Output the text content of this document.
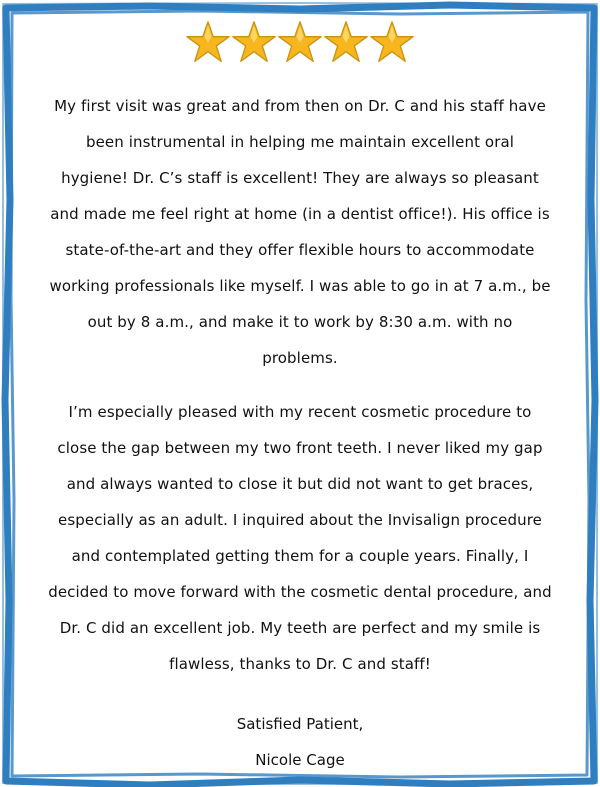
My first visit was great and from then on Dr. C and his staff have
been instrumental in helping me maintain excellent oral
hygiene! Dr. C’s staff is excellent! They are always so pleasant
and made me feel right at home (in a dentist office!). His office is
state-of-the-art and they offer flexible hours to accommodate
working professionals like myself. I was able to go in at 7 a.m., be
out by 8 a.m., and make it to work by 8:30 a.m. with no
problems.

I’m especially pleased with my recent cosmetic procedure to
close the gap between my two front teeth. I never liked my gap
and always wanted to close it but did not want to get braces,
especially as an adult. I inquired about the Invisalign procedure
and contemplated getting them for a couple years. Finally, I
decided to move forward with the cosmetic dental procedure, and
Dr. C did an excellent job. My teeth are perfect and my smile is
flawless, thanks to Dr. C and staff!

Satisfied Patient,
Nicole Cage
